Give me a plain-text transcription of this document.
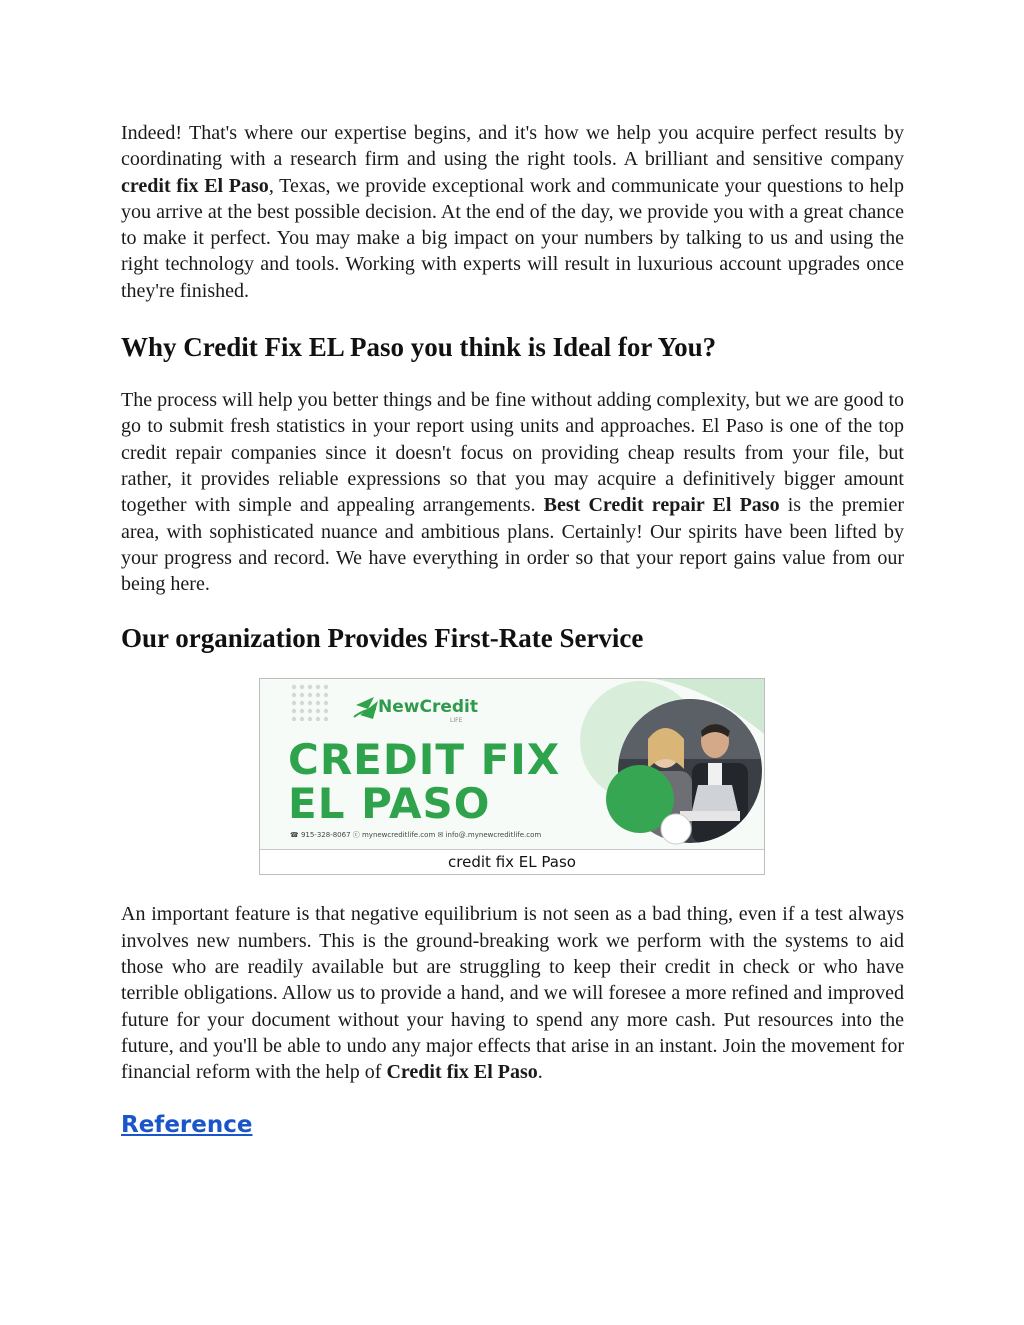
Indeed! That's where our expertise begins, and it's how we help you acquire perfect results by coordinating with a research firm and using the right tools. A brilliant and sensitive company credit fix El Paso, Texas, we provide exceptional work and communicate your questions to help you arrive at the best possible decision. At the end of the day, we provide you with a great chance to make it perfect. You may make a big impact on your numbers by talking to us and using the right technology and tools. Working with experts will result in luxurious account upgrades once they're finished.

Why Credit Fix EL Paso you think is Ideal for You?

The process will help you better things and be fine without adding complexity, but we are good to go to submit fresh statistics in your report using units and approaches. El Paso is one of the top credit repair companies since it doesn't focus on providing cheap results from your file, but rather, it provides reliable expressions so that you may acquire a definitively bigger amount together with simple and appealing arrangements. Best Credit repair El Paso is the premier area, with sophisticated nuance and ambitious plans. Certainly! Our spirits have been lifted by your progress and record. We have everything in order so that your report gains value from our being here.

Our organization Provides First-Rate Service
NewCredit
LIFE
CREDIT FIX
EL PASO
☎ 915-328-8067 ⓒ mynewcreditlife.com ✉ info@.mynewcreditlife.com
credit fix EL Paso

An important feature is that negative equilibrium is not seen as a bad thing, even if a test always involves new numbers. This is the ground-breaking work we perform with the systems to aid those who are readily available but are struggling to keep their credit in check or who have terrible obligations. Allow us to provide a hand, and we will foresee a more refined and improved future for your document without your having to spend any more cash. Put resources into the future, and you'll be able to undo any major effects that arise in an instant. Join the movement for financial reform with the help of Credit fix El Paso.

Reference
